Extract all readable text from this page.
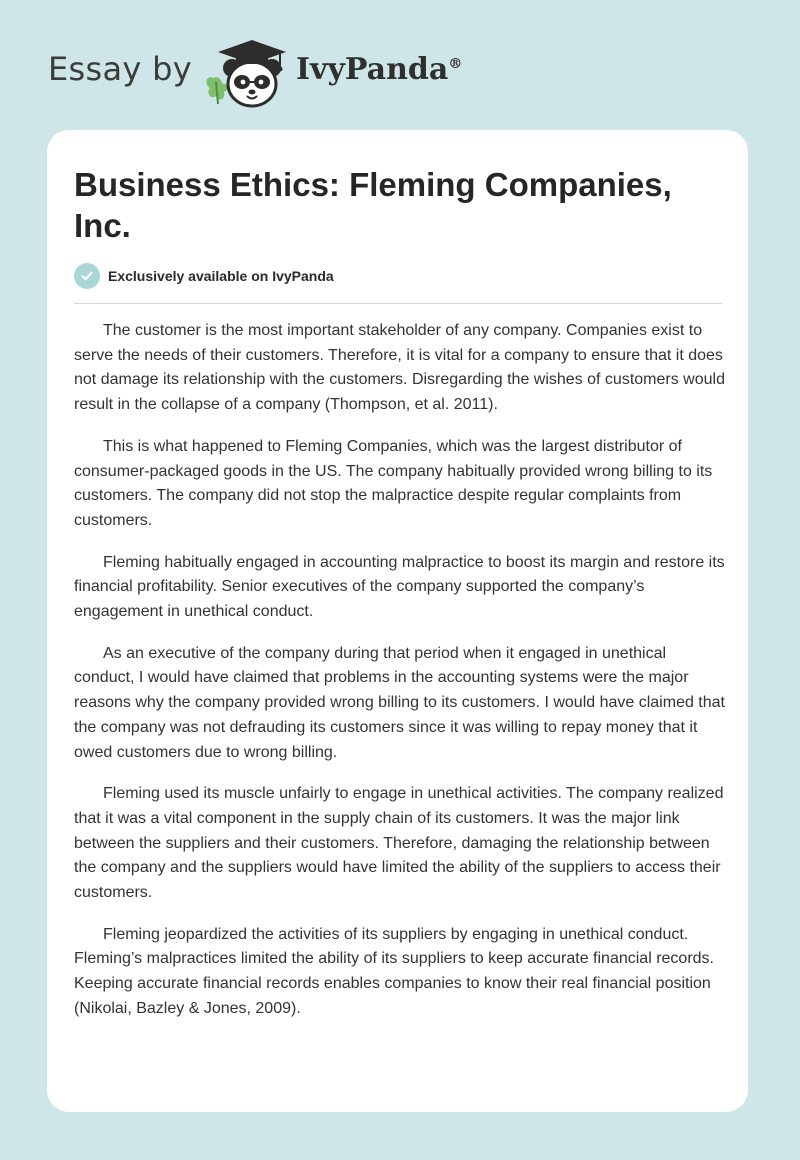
Essay by	IvyPanda®
Business Ethics: Fleming Companies, Inc.
Exclusively available on IvyPanda

The customer is the most important stakeholder of any company. Companies exist to serve the needs of their customers. Therefore, it is vital for a company to ensure that it does not damage its relationship with the customers. Disregarding the wishes of customers would result in the collapse of a company (Thompson, et al. 2011).

This is what happened to Fleming Companies, which was the largest distributor of consumer-packaged goods in the US. The company habitually provided wrong billing to its customers. The company did not stop the malpractice despite regular complaints from customers.

Fleming habitually engaged in accounting malpractice to boost its margin and restore its financial profitability. Senior executives of the company supported the company’s engagement in unethical conduct.

As an executive of the company during that period when it engaged in unethical conduct, I would have claimed that problems in the accounting systems were the major reasons why the company provided wrong billing to its customers. I would have claimed that the company was not defrauding its customers since it was willing to repay money that it owed customers due to wrong billing.

Fleming used its muscle unfairly to engage in unethical activities. The company realized that it was a vital component in the supply chain of its customers. It was the major link between the suppliers and their customers. Therefore, damaging the relationship between the company and the suppliers would have limited the ability of the suppliers to access their customers.

Fleming jeopardized the activities of its suppliers by engaging in unethical conduct. Fleming’s malpractices limited the ability of its suppliers to keep accurate financial records. Keeping accurate financial records enables companies to know their real financial position (Nikolai, Bazley & Jones, 2009).
